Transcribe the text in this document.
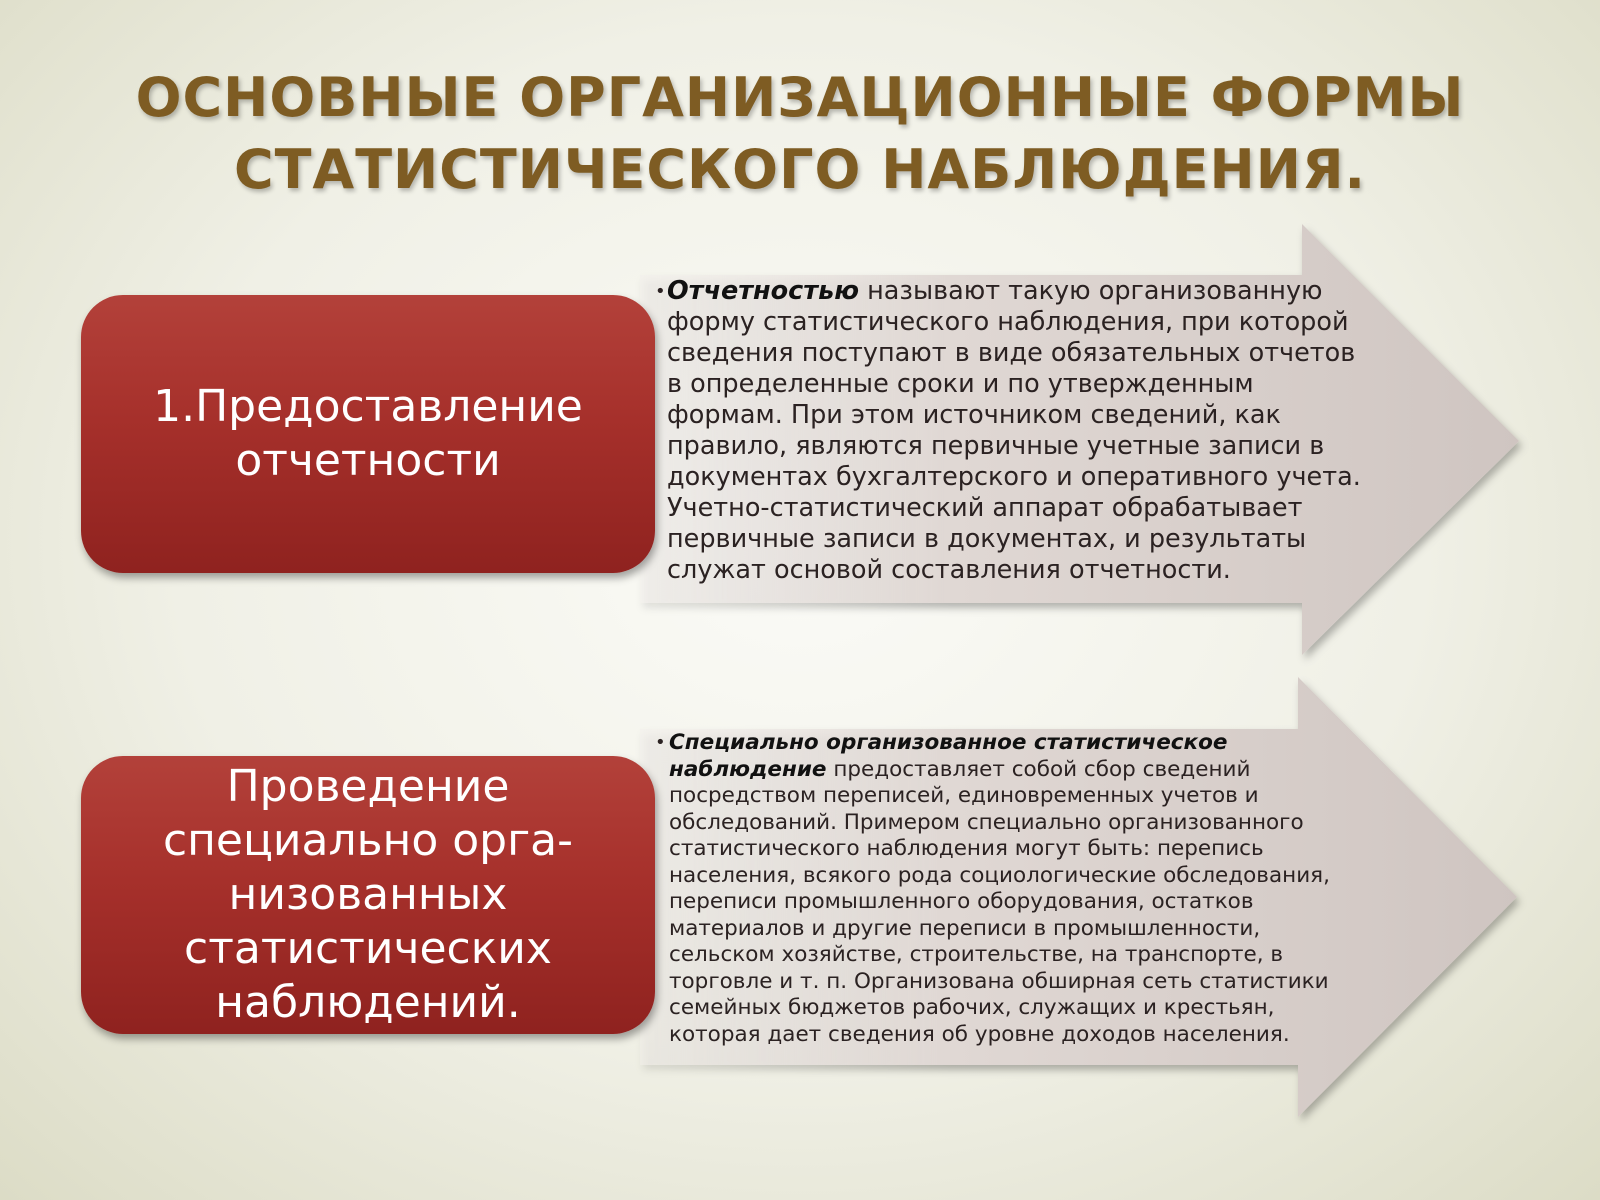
ОСНОВНЫЕ ОРГАНИЗАЦИОННЫЕ ФОРМЫ
СТАТИСТИЧЕСКОГО НАБЛЮДЕНИЯ.
1.Предоставление отчетности
Проведение специально орга-низованных статистических наблюдений.
• Отчетностью называют такую организованную форму статистического наблюдения, при которой сведения поступают в виде обязательных отчетов в определенные сроки и по утвержденным формам. При этом источником сведений, как правило, являются первичные учетные записи в документах бухгалтерского и оперативного учета. Учетно-статистический аппарат обрабатывает первичные записи в документах, и результаты служат основой составления отчетности.
• Специально организованное статистическое наблюдение предоставляет собой сбор сведений посредством переписей, единовременных учетов и обследований. Примером специально организованного статистического наблюдения могут быть: перепись населения, всякого рода социологические обследования, переписи промышленного оборудования, остатков материалов и другие переписи в промышленности, сельском хозяйстве, строительстве, на транспорте, в торговле и т. п. Организована обширная сеть статистики семейных бюджетов рабочих, служащих и крестьян, которая дает сведения об уровне доходов населения.
